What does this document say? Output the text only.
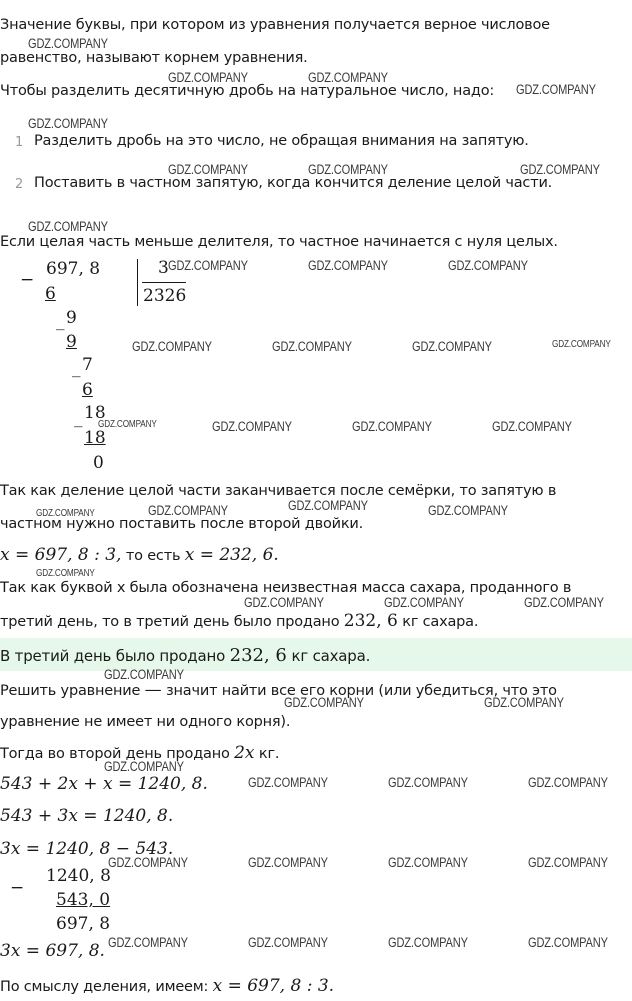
Значение буквы, при котором из уравнения получается верное числовое
равенство, называют корнем уравнения.
Чтобы разделить десятичную дробь на натуральное число, надо:
1 Разделить дробь на это число, не обращая внимания на запятую.
2 Поставить в частном запятую, когда кончится деление целой части.
Если целая часть меньше делителя, то частное начинается с нуля целых.
−
697, 8	3
2326
6
_ 9
9
_ 7
6
_ 18
18
0
Так как деление целой части заканчивается после семёрки, то запятую в
частном нужно поставить после второй двойки.
x = 697, 8 : 3, то есть x = 232, 6.
Так как буквой x была обозначена неизвестная масса сахара, проданного в
третий день, то в третий день было продано 232, 6 кг сахара.
В третий день было продано 232, 6 кг сахара.
Решить уравнение — значит найти все его корни (или убедиться, что это
уравнение не имеет ни одного корня).
Тогда во второй день продано 2x кг.
543 + 2x + x = 1240, 8.
543 + 3x = 1240, 8.
3x = 1240, 8 − 543.
−
1240, 8
543, 0
697, 8
3x = 697, 8.
По смыслу деления, имеем: x = 697, 8 : 3.
GDZ.COMPANY
GDZ.COMPANY	GDZ.COMPANY
GDZ.COMPANY
GDZ.COMPANY
GDZ.COMPANY	GDZ.COMPANY	GDZ.COMPANY
GDZ.COMPANY
GDZ.COMPANY	GDZ.COMPANY	GDZ.COMPANY
GDZ.COMPANY	GDZ.COMPANY	GDZ.COMPANY	GDZ.COMPANY
GDZ.COMPANY	GDZ.COMPANY	GDZ.COMPANY	GDZ.COMPANY
GDZ.COMPANY	GDZ.COMPANY	GDZ.COMPANY	GDZ.COMPANY
GDZ.COMPANY
GDZ.COMPANY	GDZ.COMPANY	GDZ.COMPANY
GDZ.COMPANY
GDZ.COMPANY	GDZ.COMPANY
GDZ.COMPANY
GDZ.COMPANY	GDZ.COMPANY	GDZ.COMPANY
GDZ.COMPANY	GDZ.COMPANY	GDZ.COMPANY	GDZ.COMPANY
GDZ.COMPANY	GDZ.COMPANY	GDZ.COMPANY	GDZ.COMPANY
